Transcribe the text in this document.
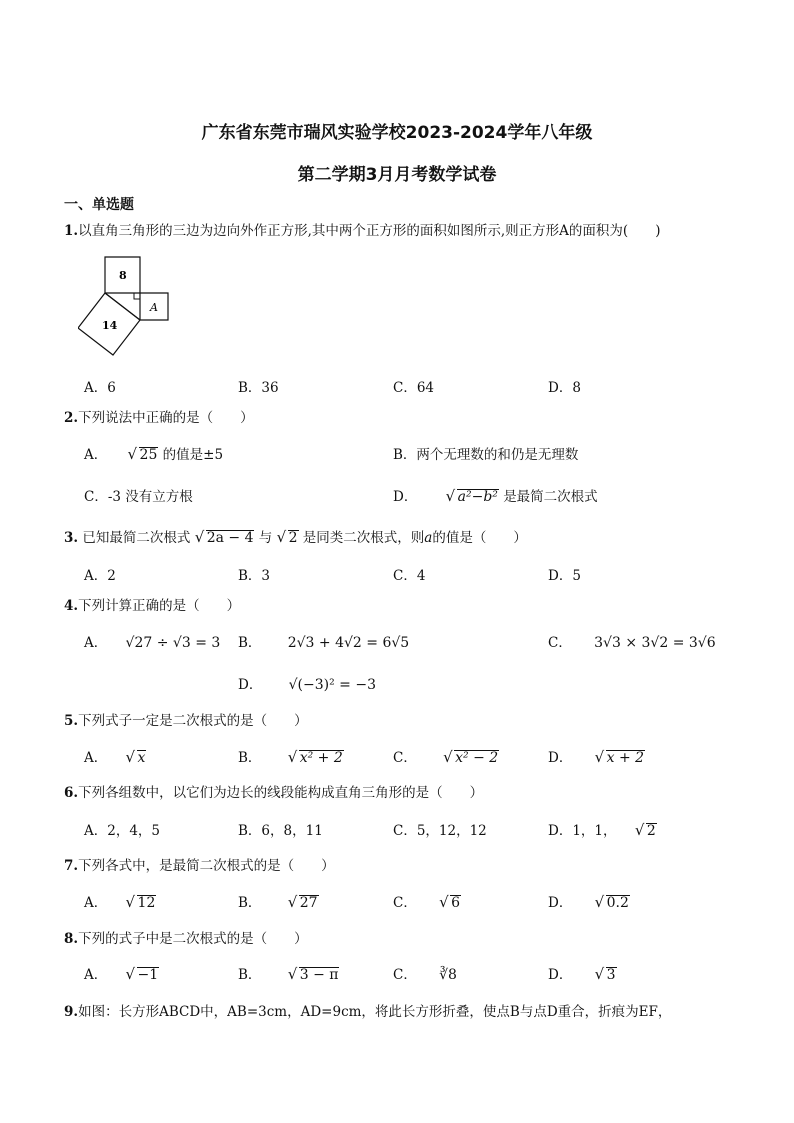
广东省东莞市瑞风实验学校2023-2024学年八年级
第二学期3月月考数学试卷
一、单选题
1.以直角三角形的三边为边向外作正方形,其中两个正方形的面积如图所示,则正方形A的面积为(　　)
8
14
A
A．6	B．36	C．64	D．8
2.下列说法中正确的是（　　）
A． √ 25 的值是±5	B．两个无理数的和仍是无理数
C．-3 没有立方根	D．	√ a²−b² 是最简二次根式
3. 已知最简二次根式 √ 2a − 4 与 √ 2 是同类二次根式，则a的值是（　　）
A．2	B．3	C．4	D．5
4.下列计算正确的是（　　）
A． √27 ÷ √3 = 3 B． 2√3 + 4√2 = 6√5	C． 3√3 × 3√2 = 3√6
D． √(−3)² = −3
5.下列式子一定是二次根式的是（　　）
A． √ x	B．	√ x² + 2	C．	√ x² − 2	D． √ x + 2
6.下列各组数中，以它们为边长的线段能构成直角三角形的是（　　）
A．2，4，5	B．6，8，11	C．5，12，12	D．1，1， √ 2
7.下列各式中，是最简二次根式的是（　　）
A． √ 12	B．	√ 27	C． √ 6	D． √ 0.2
8.下列的式子中是二次根式的是（　　）
A． √ −1	B．	√ 3 − π	C． ∛8	D． √ 3
9.如图：长方形ABCD中，AB=3cm，AD=9cm，将此长方形折叠，使点B与点D重合，折痕为EF，
